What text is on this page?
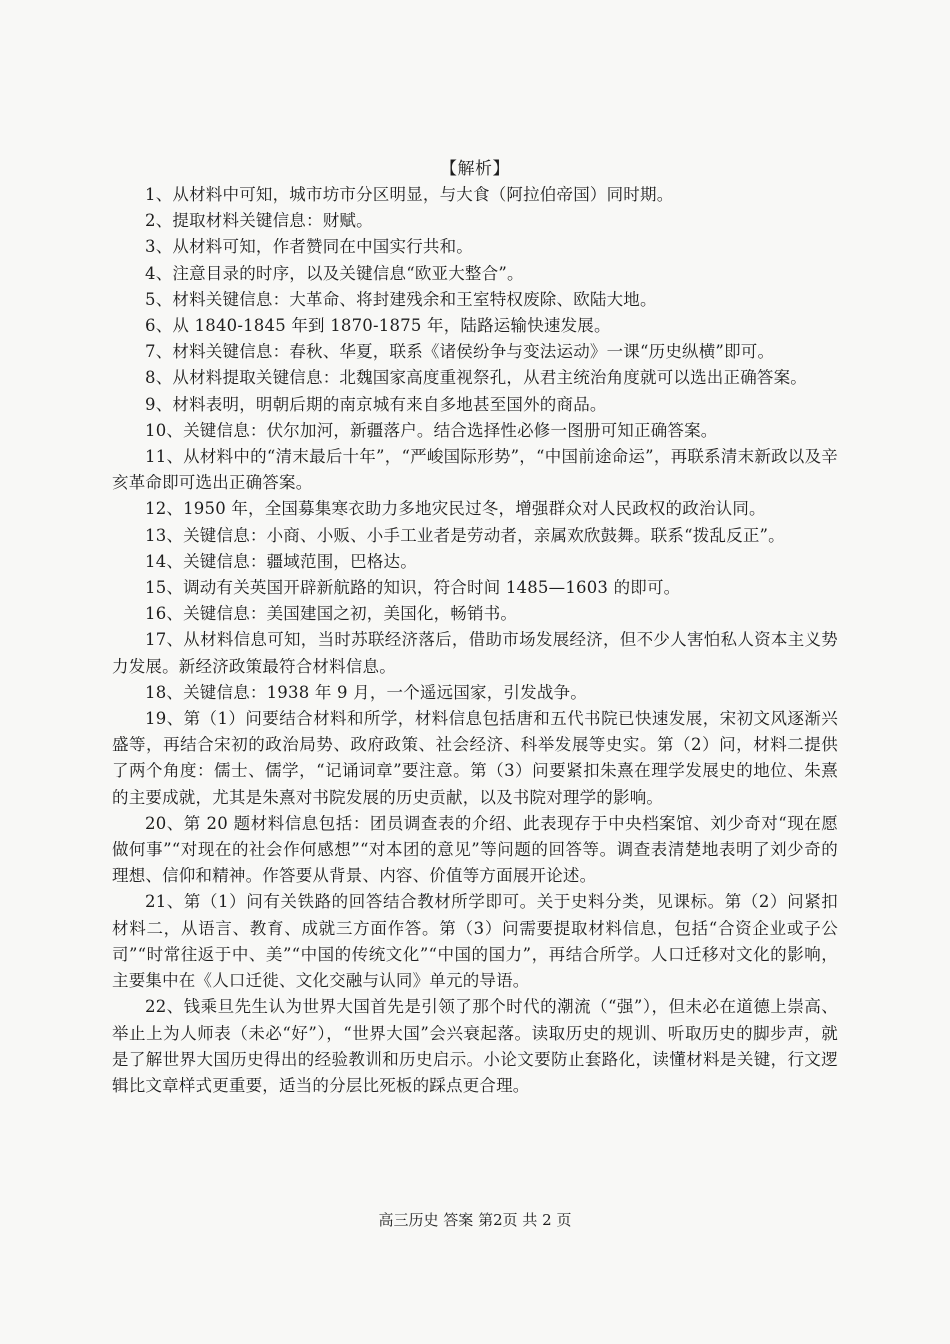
【解析】

1、从材料中可知，城市坊市分区明显，与大食（阿拉伯帝国）同时期。

2、提取材料关键信息：财赋。

3、从材料可知，作者赞同在中国实行共和。

4、注意目录的时序，以及关键信息“欧亚大整合”。

5、材料关键信息：大革命、将封建残余和王室特权废除、欧陆大地。

6、从 1840-1845 年到 1870-1875 年，陆路运输快速发展。

7、材料关键信息：春秋、华夏，联系《诸侯纷争与变法运动》一课“历史纵横”即可。

8、从材料提取关键信息：北魏国家高度重视祭孔，从君主统治角度就可以选出正确答案。

9、材料表明，明朝后期的南京城有来自多地甚至国外的商品。

10、关键信息：伏尔加河，新疆落户。结合选择性必修一图册可知正确答案。

11、从材料中的“清末最后十年”，“严峻国际形势”，“中国前途命运”，再联系清末新政以及辛亥革命即可选出正确答案。

12、1950 年，全国募集寒衣助力多地灾民过冬，增强群众对人民政权的政治认同。

13、关键信息：小商、小贩、小手工业者是劳动者，亲属欢欣鼓舞。联系“拨乱反正”。

14、关键信息：疆域范围，巴格达。

15、调动有关英国开辟新航路的知识，符合时间 1485—1603 的即可。

16、关键信息：美国建国之初，美国化，畅销书。

17、从材料信息可知，当时苏联经济落后，借助市场发展经济，但不少人害怕私人资本主义势力发展。新经济政策最符合材料信息。

18、关键信息：1938 年 9 月，一个遥远国家，引发战争。

19、第（1）问要结合材料和所学，材料信息包括唐和五代书院已快速发展，宋初文风逐渐兴盛等，再结合宋初的政治局势、政府政策、社会经济、科举发展等史实。第（2）问，材料二提供了两个角度：儒士、儒学，“记诵词章”要注意。第（3）问要紧扣朱熹在理学发展史的地位、朱熹的主要成就，尤其是朱熹对书院发展的历史贡献，以及书院对理学的影响。

20、第 20 题材料信息包括：团员调查表的介绍、此表现存于中央档案馆、刘少奇对“现在愿做何事”“对现在的社会作何感想”“对本团的意见”等问题的回答等。调查表清楚地表明了刘少奇的理想、信仰和精神。作答要从背景、内容、价值等方面展开论述。

21、第（1）问有关铁路的回答结合教材所学即可。关于史料分类，见课标。第（2）问紧扣材料二，从语言、教育、成就三方面作答。第（3）问需要提取材料信息，包括“合资企业或子公司”“时常往返于中、美”“中国的传统文化”“中国的国力”，再结合所学。人口迁移对文化的影响，主要集中在《人口迁徙、文化交融与认同》单元的导语。

22、钱乘旦先生认为世界大国首先是引领了那个时代的潮流（“强”），但未必在道德上崇高、举止上为人师表（未必“好”），“世界大国”会兴衰起落。读取历史的规训、听取历史的脚步声，就是了解世界大国历史得出的经验教训和历史启示。小论文要防止套路化，读懂材料是关键，行文逻辑比文章样式更重要，适当的分层比死板的踩点更合理。

高三历史 答案 第2页 共 2 页
